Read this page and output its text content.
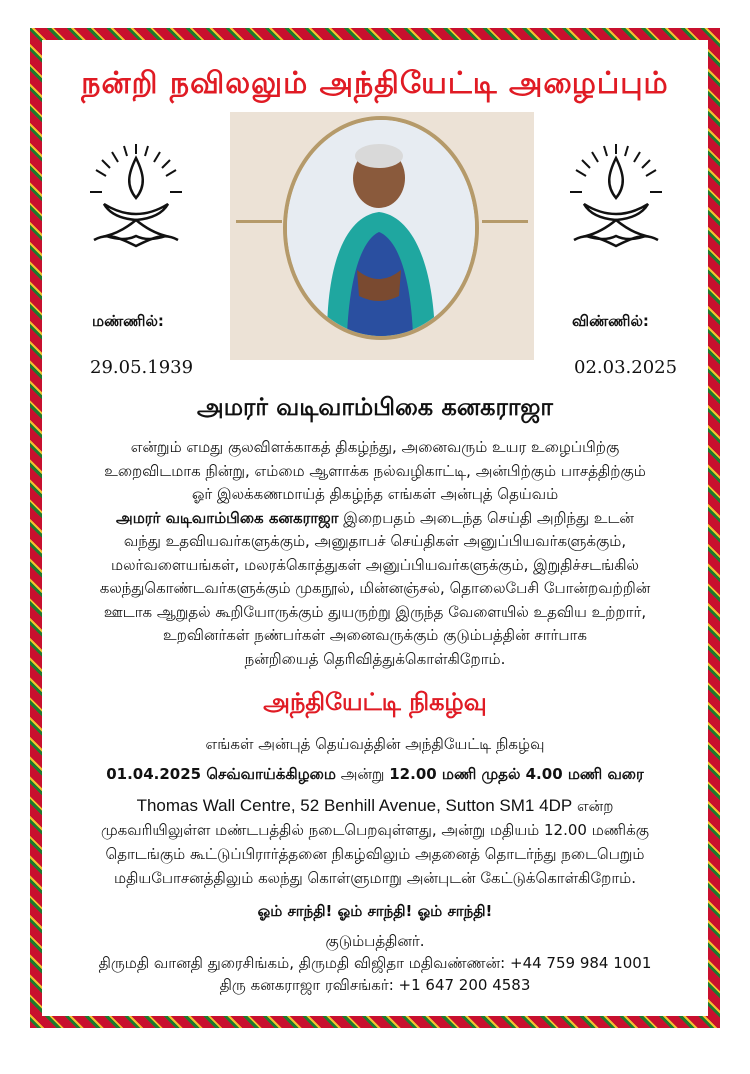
நன்றி நவிலலும் அந்தியேட்டி அழைப்பும்
மண்ணில்:	விண்ணில்:
29.05.1939	02.03.2025
அமரர் வடிவாம்பிகை கனகராஜா
என்றும் எமது குலவிளக்காகத் திகழ்ந்து, அனைவரும் உயர உழைப்பிற்கு
உறைவிடமாக நின்று, எம்மை ஆளாக்க நல்வழிகாட்டி, அன்பிற்கும் பாசத்திற்கும்
ஓர் இலக்கணமாய்த் திகழ்ந்த எங்கள் அன்புத் தெய்வம்
அமரர் வடிவாம்பிகை கனகராஜா இறைபதம் அடைந்த செய்தி அறிந்து உடன்
வந்து உதவியவர்களுக்கும், அனுதாபச் செய்திகள் அனுப்பியவர்களுக்கும்,
மலர்வளையங்கள், மலரக்கொத்துகள் அனுப்பியவர்களுக்கும், இறுதிச்சடங்கில்
கலந்துகொண்டவர்களுக்கும் முகநூல், மின்னஞ்சல், தொலைபேசி போன்றவற்றின்
ஊடாக ஆறுதல் கூறியோருக்கும் துயருற்று இருந்த வேளையில் உதவிய உற்றார்,
உறவினர்கள் நண்பர்கள் அனைவருக்கும் குடும்பத்தின் சார்பாக
நன்றியைத் தெரிவித்துக்கொள்கிறோம்.
அந்தியேட்டி நிகழ்வு
எங்கள் அன்புத் தெய்வத்தின் அந்தியேட்டி நிகழ்வு
01.04.2025 செவ்வாய்க்கிழமை அன்று 12.00 மணி முதல் 4.00 மணி வரை
Thomas Wall Centre, 52 Benhill Avenue, Sutton SM1 4DP என்ற
முகவரியிலுள்ள மண்டபத்தில் நடைபெறவுள்ளது, அன்று மதியம் 12.00 மணிக்கு
தொடங்கும் கூட்டுப்பிரார்த்தனை நிகழ்விலும் அதனைத் தொடர்ந்து நடைபெறும்
மதியபோசனத்திலும் கலந்து கொள்ளுமாறு அன்புடன் கேட்டுக்கொள்கிறோம்.
ஓம் சாந்தி! ஓம் சாந்தி! ஓம் சாந்தி!
குடும்பத்தினர்.
திருமதி வானதி துரைசிங்கம், திருமதி விஜிதா மதிவண்ணன்: +44 759 984 1001
திரு கனகராஜா ரவிசங்கர்: +1 647 200 4583
